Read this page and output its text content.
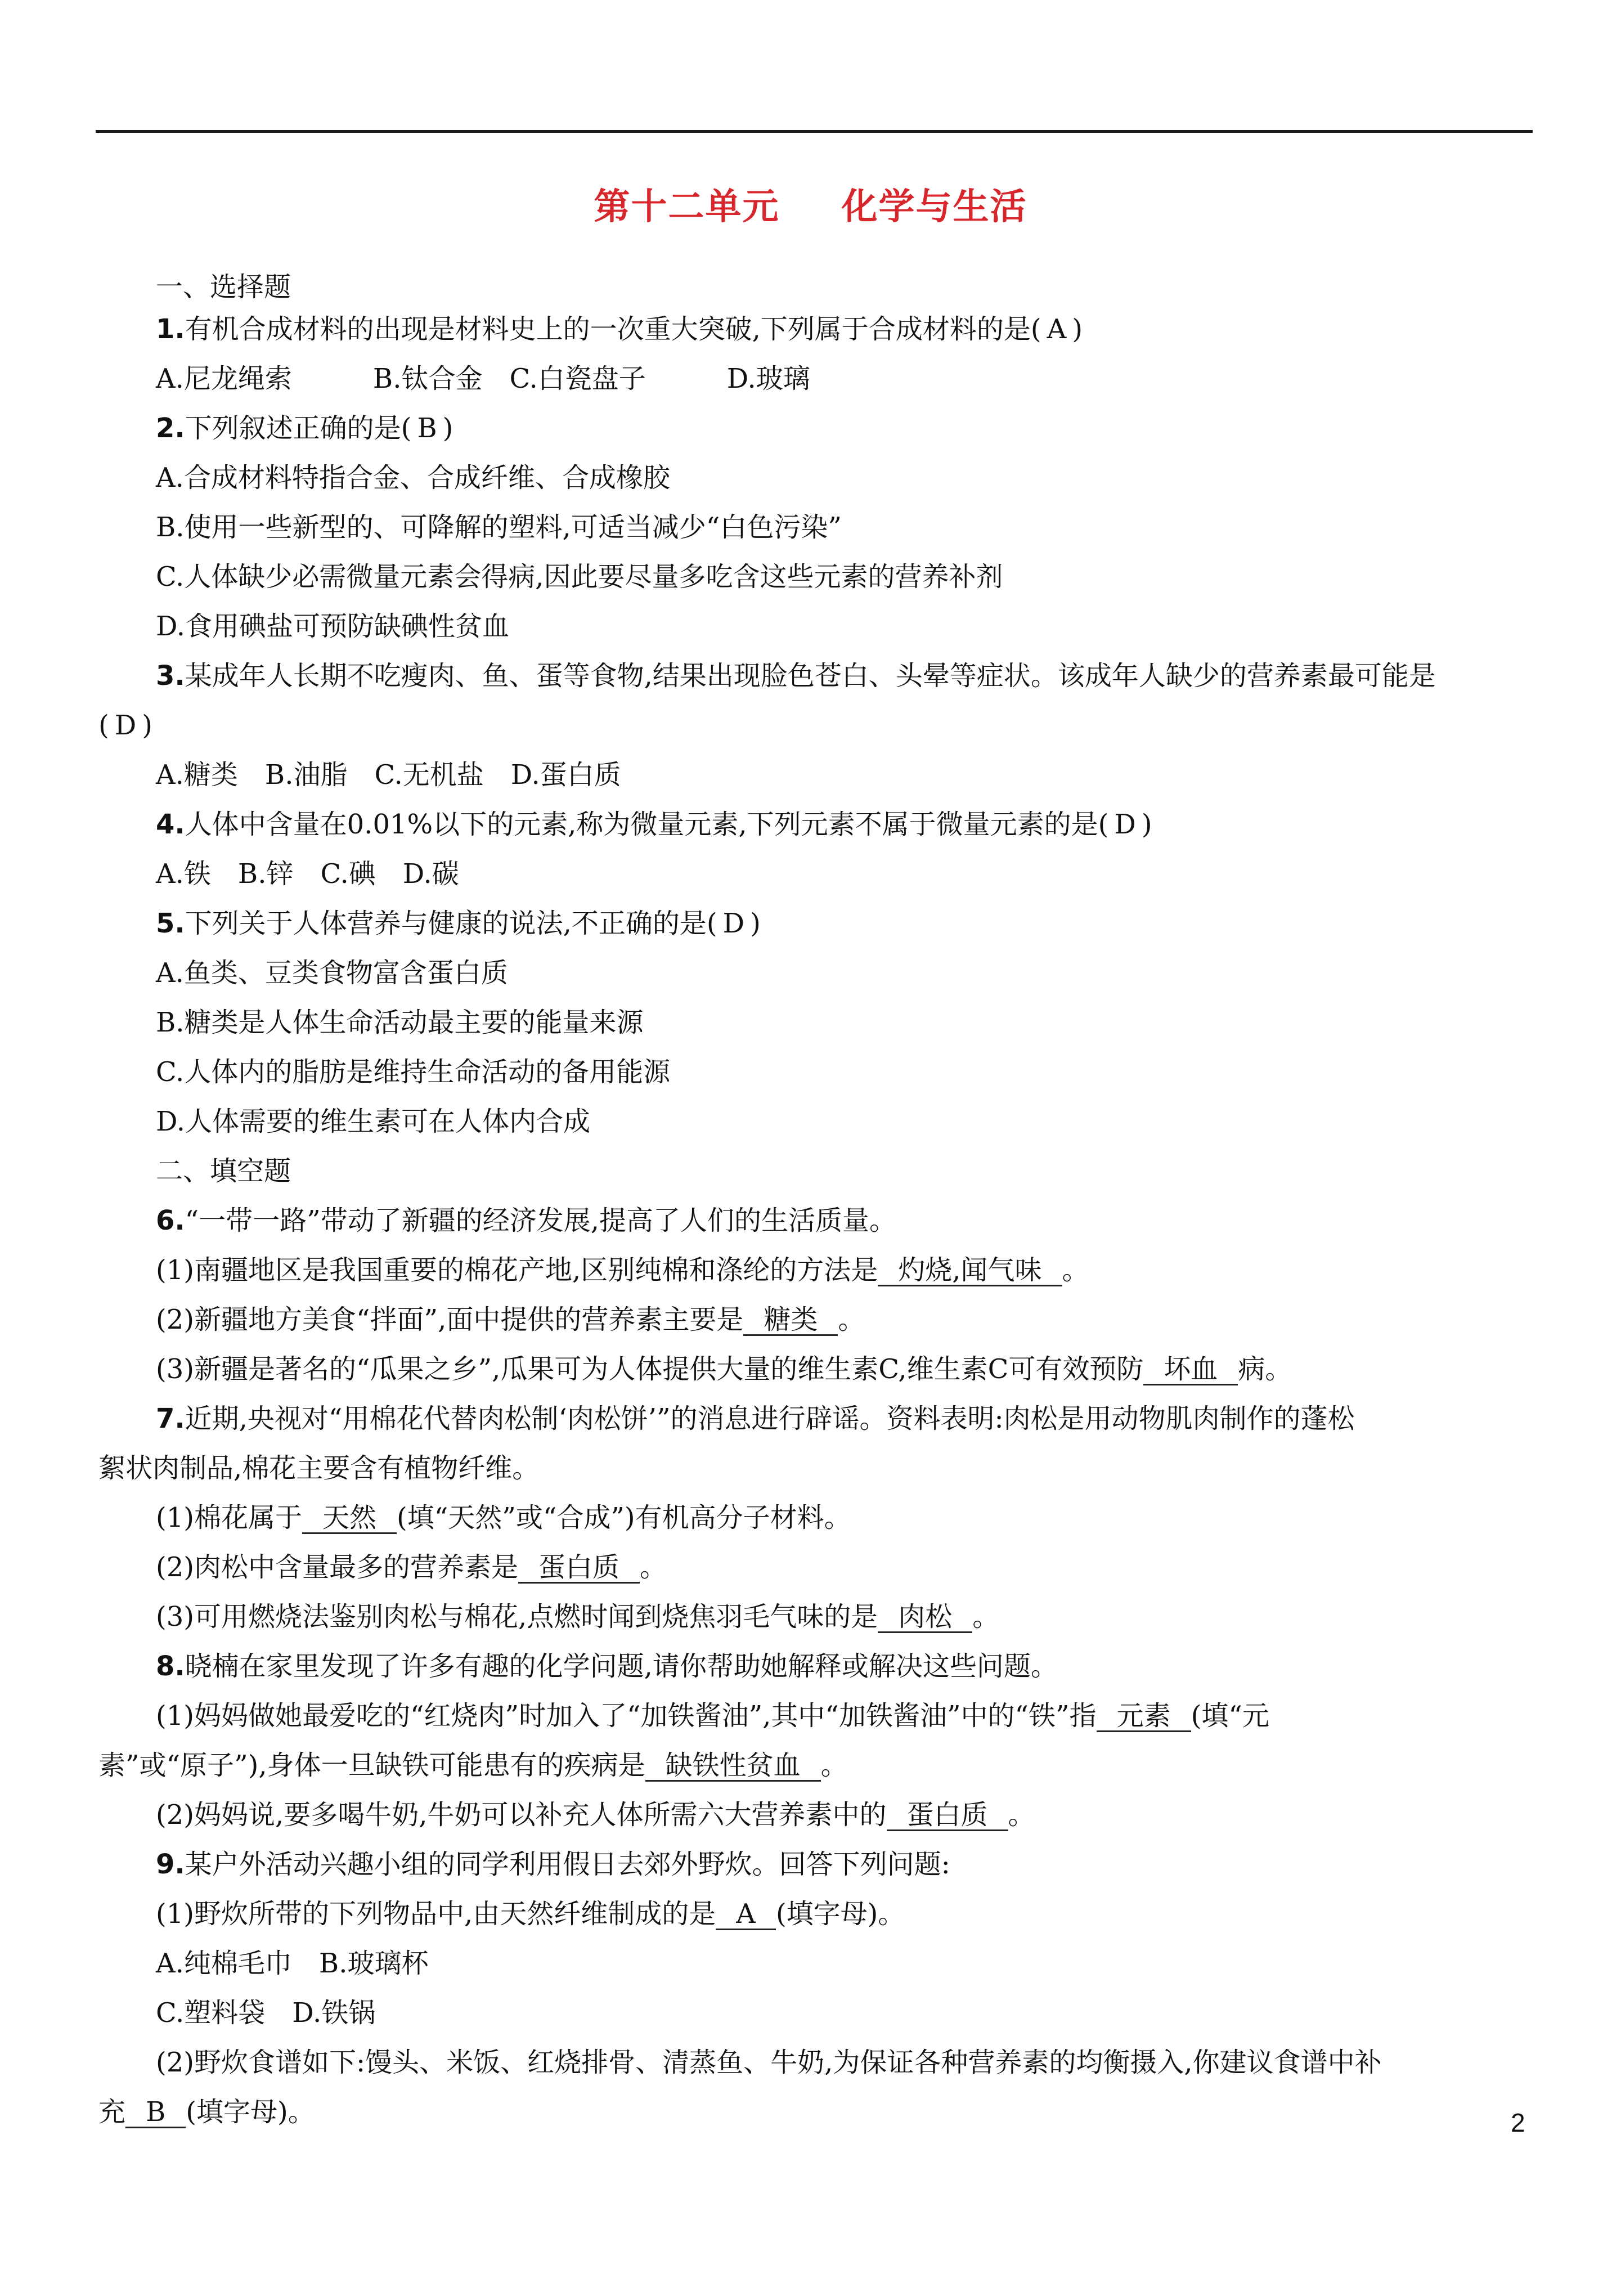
第十二单元 化学与生活
一、选择题
1.有机合成材料的出现是材料史上的一次重大突破,下列属于合成材料的是( A )
A.尼龙绳索　　　B.钛合金　C.白瓷盘子　　　D.玻璃
2.下列叙述正确的是( B )
A.合成材料特指合金、合成纤维、合成橡胶
B.使用一些新型的、可降解的塑料,可适当减少“白色污染”
C.人体缺少必需微量元素会得病,因此要尽量多吃含这些元素的营养补剂
D.食用碘盐可预防缺碘性贫血
3.某成年人长期不吃瘦肉、鱼、蛋等食物,结果出现脸色苍白、头晕等症状。该成年人缺少的营养素最可能是
( D )
A.糖类　B.油脂　C.无机盐　D.蛋白质
4.人体中含量在0.01%以下的元素,称为微量元素,下列元素不属于微量元素的是( D )
A.铁　B.锌　C.碘　D.碳
5.下列关于人体营养与健康的说法,不正确的是( D )
A.鱼类、豆类食物富含蛋白质
B.糖类是人体生命活动最主要的能量来源
C.人体内的脂肪是维持生命活动的备用能源
D.人体需要的维生素可在人体内合成
二、填空题
6.“一带一路”带动了新疆的经济发展,提高了人们的生活质量。
(1)南疆地区是我国重要的棉花产地,区别纯棉和涤纶的方法是 灼烧,闻气味 。
(2)新疆地方美食“拌面”,面中提供的营养素主要是 糖类 。
(3)新疆是著名的“瓜果之乡”,瓜果可为人体提供大量的维生素C,维生素C可有效预防 坏血 病。
7.近期,央视对“用棉花代替肉松制‘肉松饼’”的消息进行辟谣。资料表明:肉松是用动物肌肉制作的蓬松
絮状肉制品,棉花主要含有植物纤维。
(1)棉花属于 天然 (填“天然”或“合成”)有机高分子材料。
(2)肉松中含量最多的营养素是 蛋白质 。
(3)可用燃烧法鉴别肉松与棉花,点燃时闻到烧焦羽毛气味的是 肉松 。
8.晓楠在家里发现了许多有趣的化学问题,请你帮助她解释或解决这些问题。
(1)妈妈做她最爱吃的“红烧肉”时加入了“加铁酱油”,其中“加铁酱油”中的“铁”指 元素 (填“元
素”或“原子”),身体一旦缺铁可能患有的疾病是 缺铁性贫血 。
(2)妈妈说,要多喝牛奶,牛奶可以补充人体所需六大营养素中的 蛋白质 。
9.某户外活动兴趣小组的同学利用假日去郊外野炊。回答下列问题:
(1)野炊所带的下列物品中,由天然纤维制成的是 A (填字母)。
A.纯棉毛巾　B.玻璃杯
C.塑料袋　D.铁锅
(2)野炊食谱如下:馒头、米饭、红烧排骨、清蒸鱼、牛奶,为保证各种营养素的均衡摄入,你建议食谱中补
充 B (填字母)。	2
